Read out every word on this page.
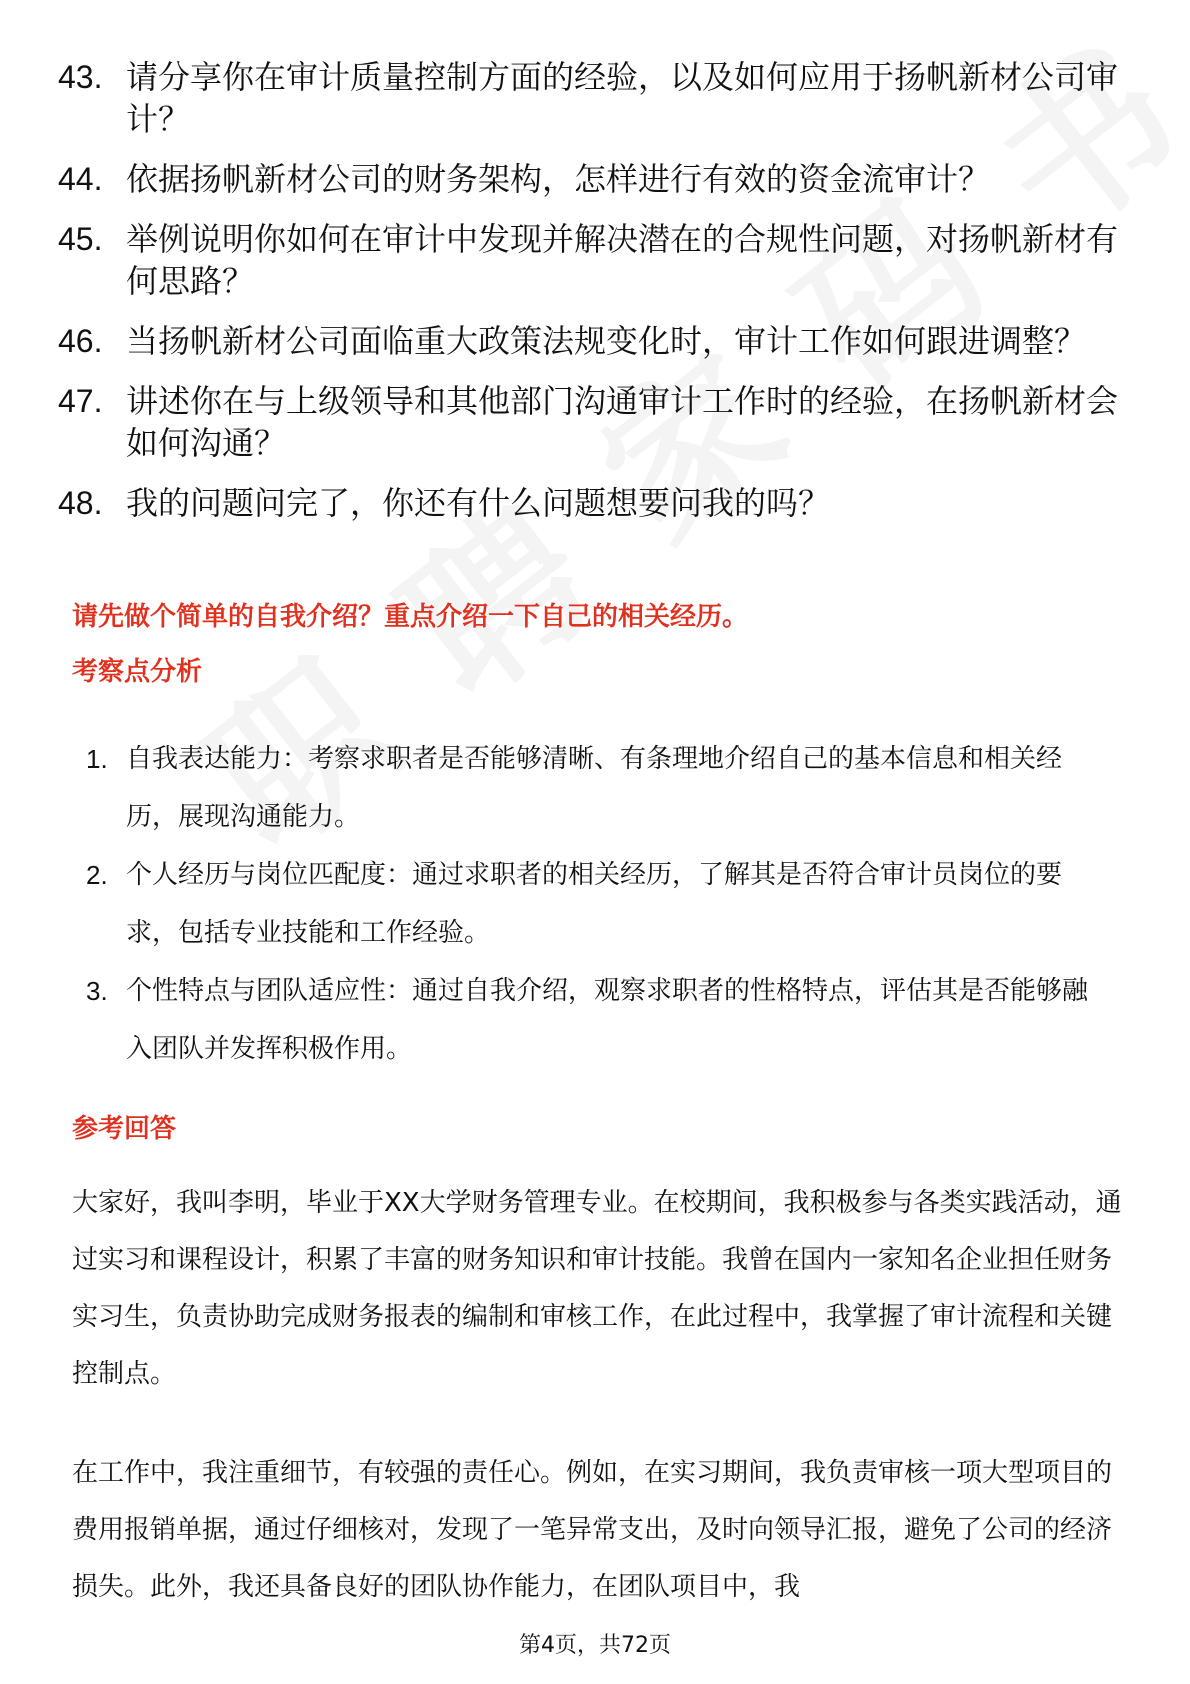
43. 请分享你在审计质量控制方面的经验，以及如何应用于扬帆新材公司审计？
44. 依据扬帆新材公司的财务架构，怎样进行有效的资金流审计？
45. 举例说明你如何在审计中发现并解决潜在的合规性问题，对扬帆新材有何思路？
46. 当扬帆新材公司面临重大政策法规变化时，审计工作如何跟进调整？
47. 讲述你在与上级领导和其他部门沟通审计工作时的经验，在扬帆新材会如何沟通？
48. 我的问题问完了，你还有什么问题想要问我的吗？
请先做个简单的自我介绍？重点介绍一下自己的相关经历。
考察点分析
1. 自我表达能力：考察求职者是否能够清晰、有条理地介绍自己的基本信息和相关经历，展现沟通能力。
2. 个人经历与岗位匹配度：通过求职者的相关经历，了解其是否符合审计员岗位的要求，包括专业技能和工作经验。
3. 个性特点与团队适应性：通过自我介绍，观察求职者的性格特点，评估其是否能够融入团队并发挥积极作用。
参考回答

大家好，我叫李明，毕业于XX大学财务管理专业。在校期间，我积极参与各类实践活动，通过实习和课程设计，积累了丰富的财务知识和审计技能。我曾在国内一家知名企业担任财务实习生，负责协助完成财务报表的编制和审核工作，在此过程中，我掌握了审计流程和关键控制点。

在工作中，我注重细节，有较强的责任心。例如，在实习期间，我负责审核一项大型项目的费用报销单据，通过仔细核对，发现了一笔异常支出，及时向领导汇报，避免了公司的经济损失。此外，我还具备良好的团队协作能力，在团队项目中，我

第4页，共72页
